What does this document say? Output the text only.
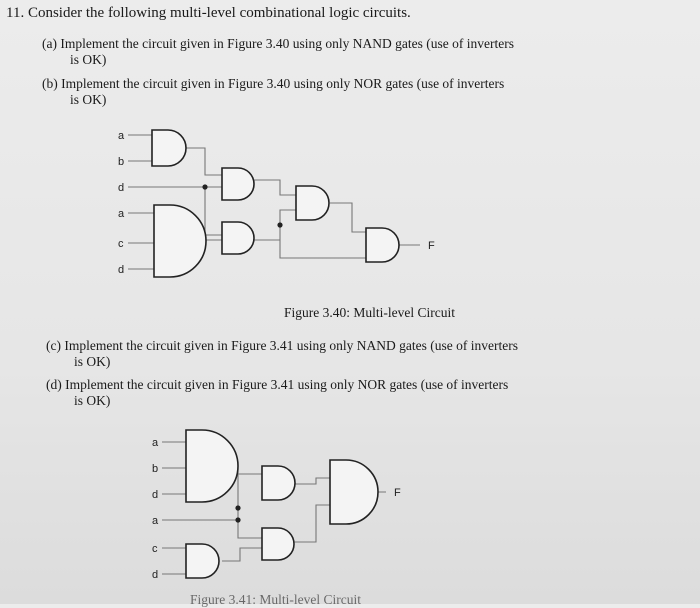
11. Consider the following multi-level combinational logic circuits.
(a) Implement the circuit given in Figure 3.40 using only NAND gates (use of inverters
is OK)
(b) Implement the circuit given in Figure 3.40 using only NOR gates (use of inverters
is OK)
a
b
d
a
c
d
F
Figure 3.40: Multi-level Circuit
(c) Implement the circuit given in Figure 3.41 using only NAND gates (use of inverters
is OK)
(d) Implement the circuit given in Figure 3.41 using only NOR gates (use of inverters
is OK)
a
b
d
a
c
d
F
Figure 3.41: Multi-level Circuit
